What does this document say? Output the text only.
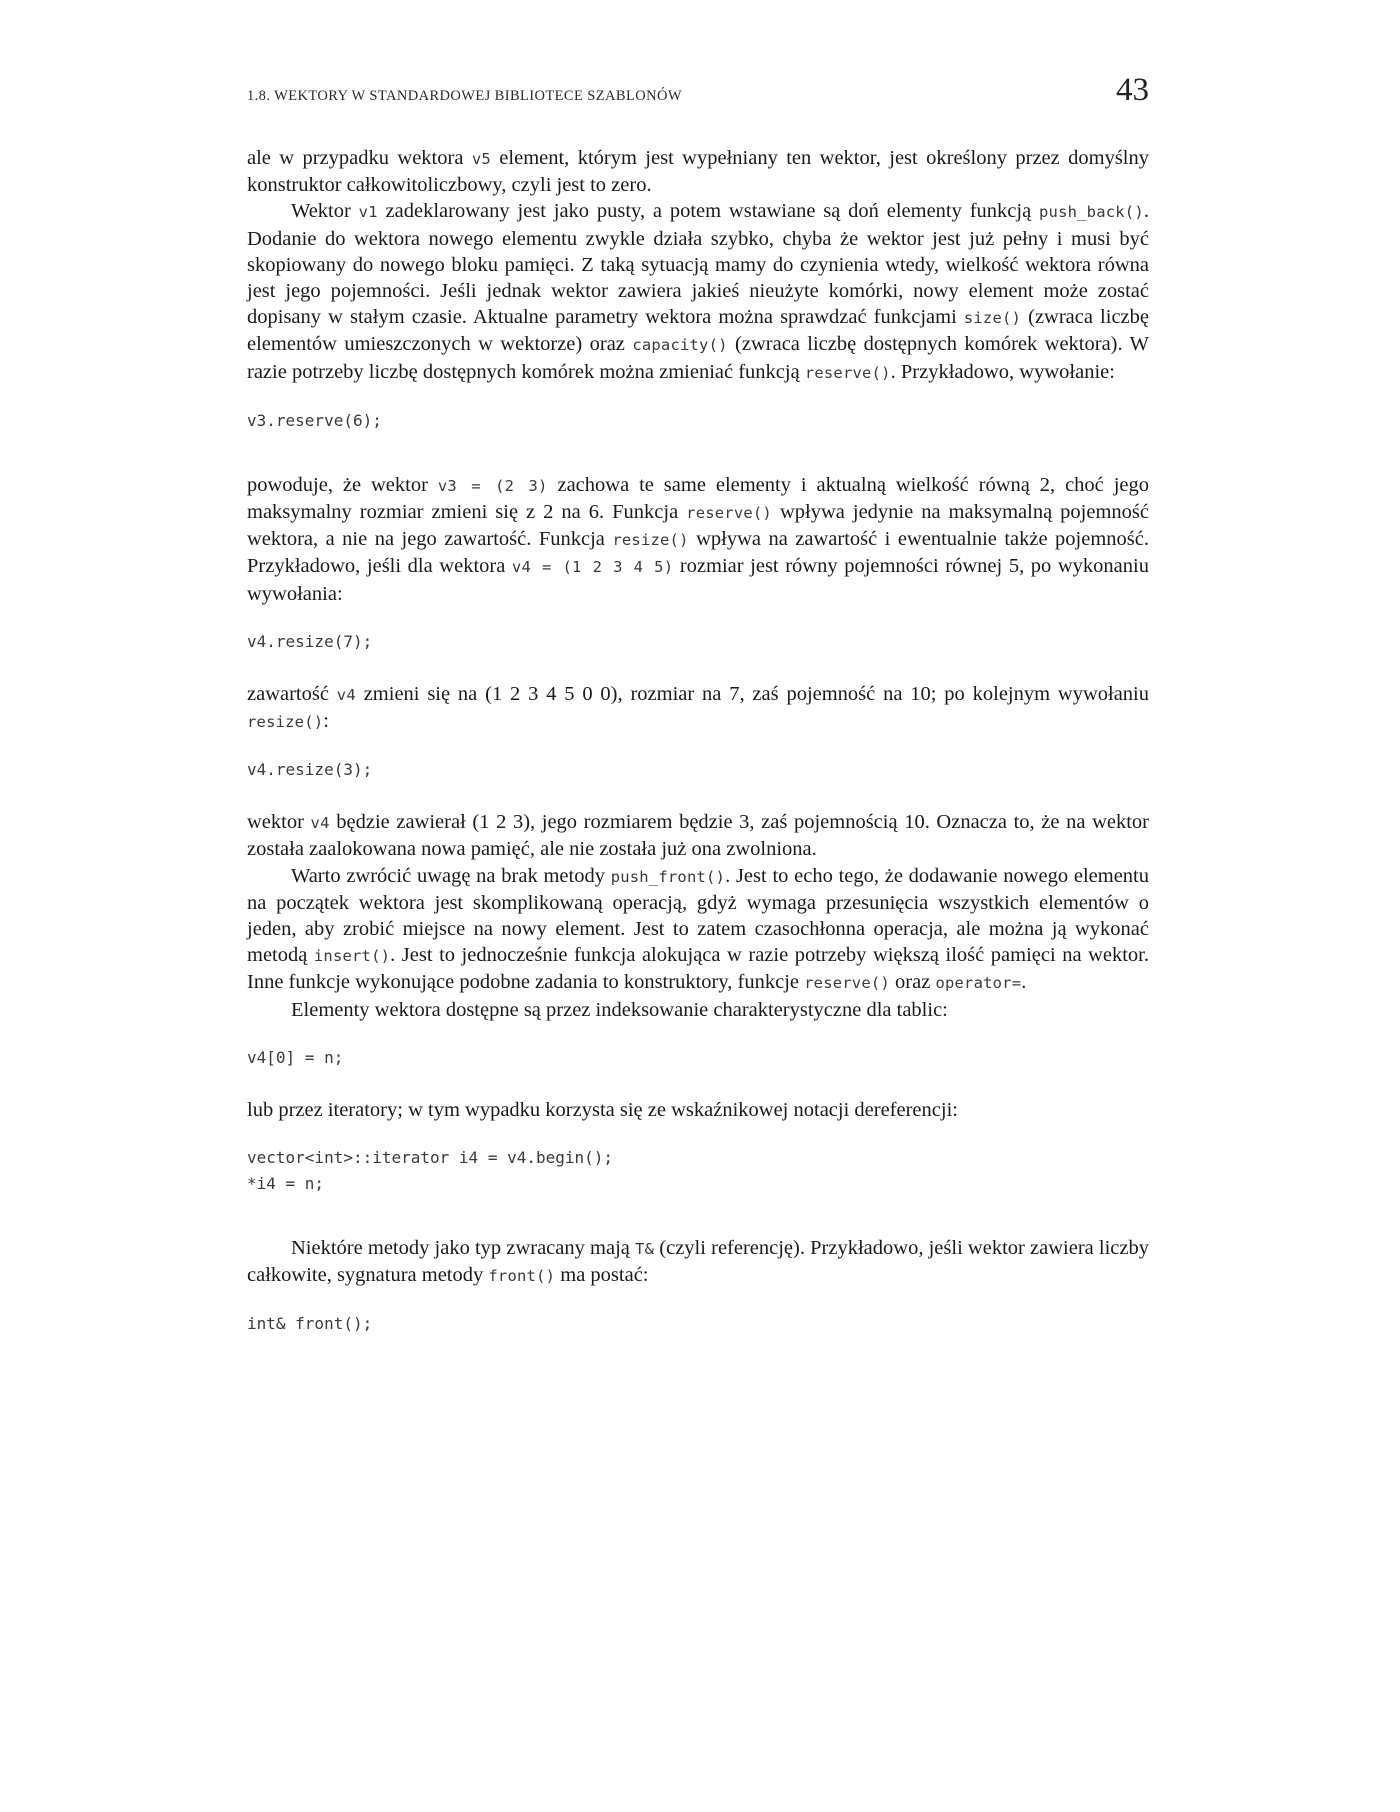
1.8. WEKTORY W STANDARDOWEJ BIBLIOTECE SZABLONÓW	43

ale w przypadku wektora v5 element, którym jest wypełniany ten wektor, jest określony przez domyślny konstruktor całkowitoliczbowy, czyli jest to zero.

Wektor v1 zadeklarowany jest jako pusty, a potem wstawiane są doń elementy funkcją push_back(). Dodanie do wektora nowego elementu zwykle działa szybko, chyba że wektor jest już pełny i musi być skopiowany do nowego bloku pamięci. Z taką sytuacją mamy do czynienia wtedy, wielkość wektora równa jest jego pojemności. Jeśli jednak wektor zawiera jakieś nieużyte komórki, nowy element może zostać dopisany w stałym czasie. Aktualne parametry wektora można sprawdzać funkcjami size() (zwraca liczbę elementów umieszczonych w wektorze) oraz capacity() (zwraca liczbę dostępnych komórek wektora). W razie potrzeby liczbę dostępnych komórek można zmieniać funkcją reserve(). Przykładowo, wywołanie:

v3.reserve(6);

powoduje, że wektor v3 = (2 3) zachowa te same elementy i aktualną wielkość równą 2, choć jego maksymalny rozmiar zmieni się z 2 na 6. Funkcja reserve() wpływa jedynie na maksymalną pojemność wektora, a nie na jego zawartość. Funkcja resize() wpływa na zawartość i ewentualnie także pojemność. Przykładowo, jeśli dla wektora v4 = (1 2 3 4 5) rozmiar jest równy pojemności równej 5, po wykonaniu wywołania:

v4.resize(7);

zawartość v4 zmieni się na (1 2 3 4 5 0 0), rozmiar na 7, zaś pojemność na 10; po kolejnym wywołaniu resize():

v4.resize(3);

wektor v4 będzie zawierał (1 2 3), jego rozmiarem będzie 3, zaś pojemnością 10. Oznacza to, że na wektor została zaalokowana nowa pamięć, ale nie została już ona zwolniona.

Warto zwrócić uwagę na brak metody push_front(). Jest to echo tego, że dodawanie nowego elementu na początek wektora jest skomplikowaną operacją, gdyż wymaga przesunięcia wszystkich elementów o jeden, aby zrobić miejsce na nowy element. Jest to zatem czasochłonna operacja, ale można ją wykonać metodą insert(). Jest to jednocześnie funkcja alokująca w razie potrzeby większą ilość pamięci na wektor. Inne funkcje wykonujące podobne zadania to konstruktory, funkcje reserve() oraz operator=.

Elementy wektora dostępne są przez indeksowanie charakterystyczne dla tablic:

v4[0] = n;

lub przez iteratory; w tym wypadku korzysta się ze wskaźnikowej notacji dereferencji:

vector<int>::iterator i4 = v4.begin();
*i4 = n;

Niektóre metody jako typ zwracany mają T& (czyli referencję). Przykładowo, jeśli wektor zawiera liczby całkowite, sygnatura metody front() ma postać:

int& front();
